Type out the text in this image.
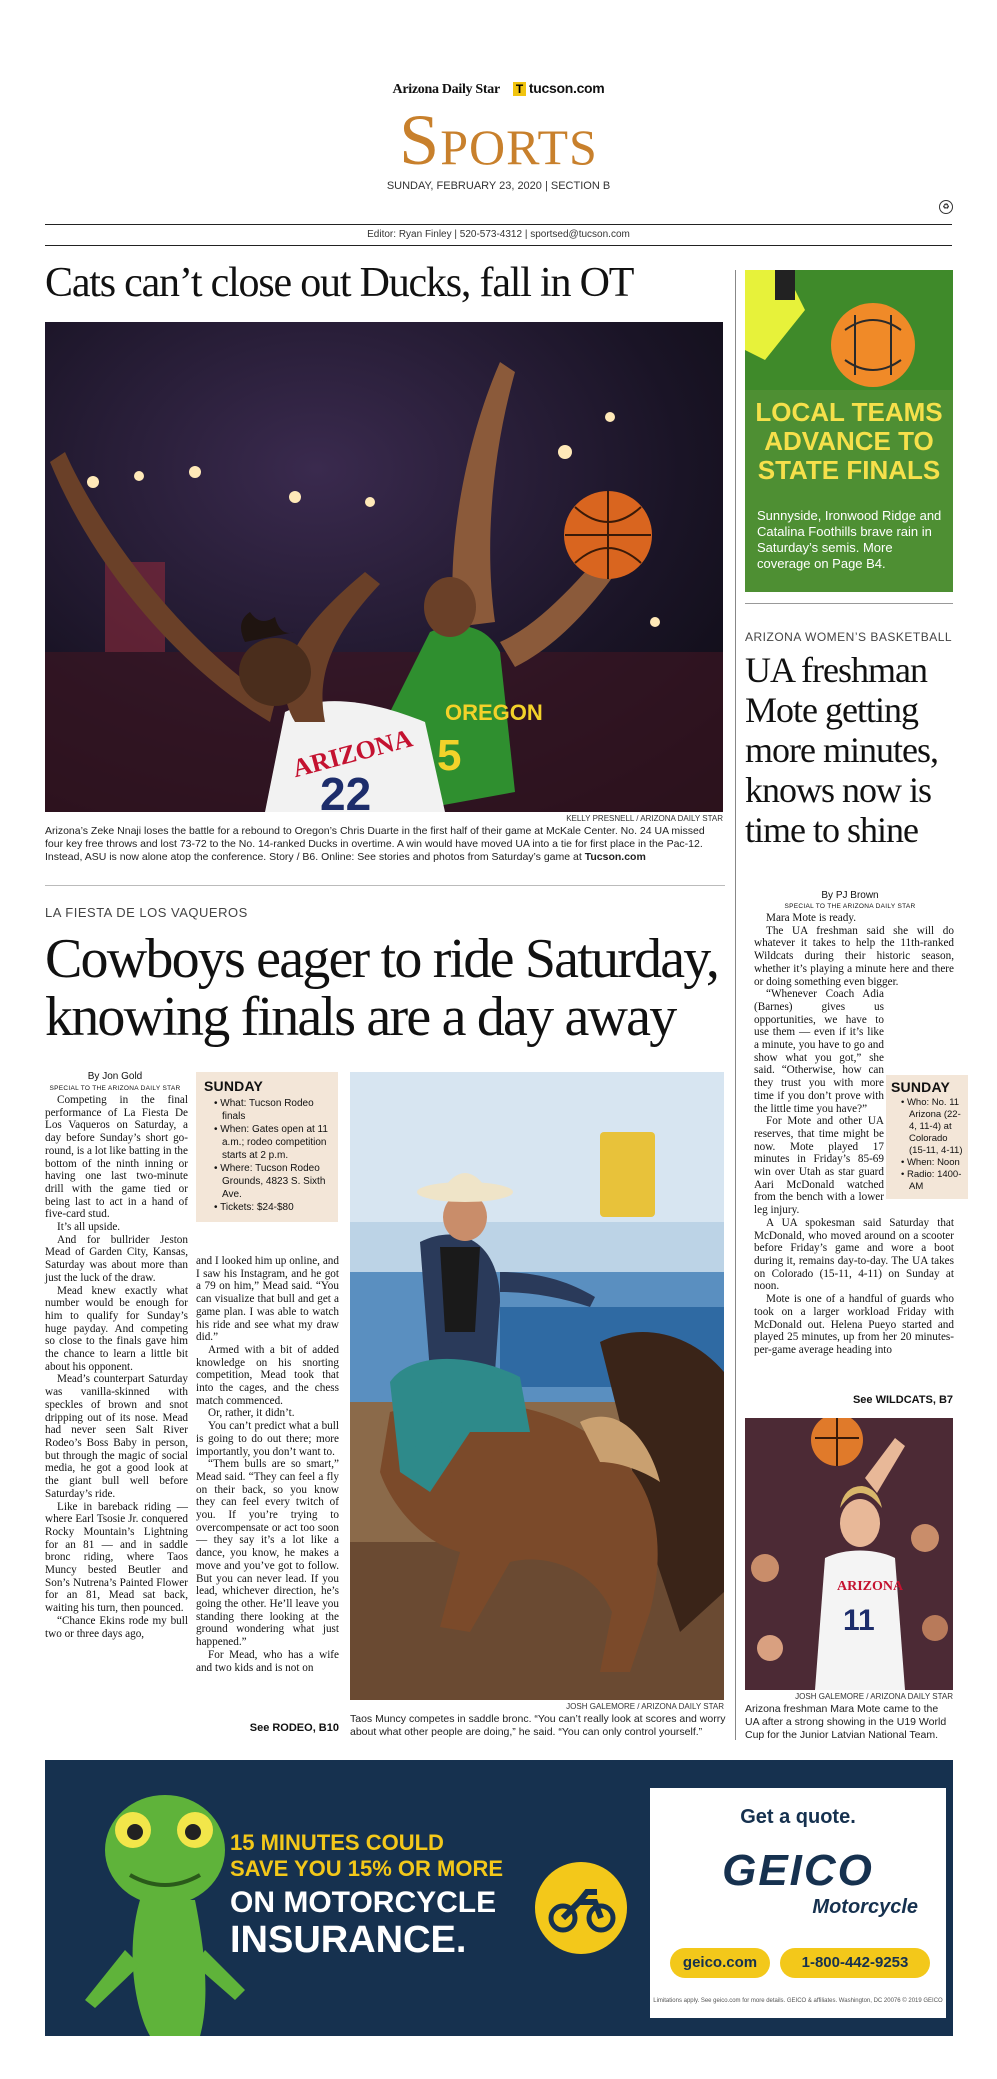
Arizona Daily Star T tucson.com
Sports
SUNDAY, FEBRUARY 23, 2020 | SECTION B
♻
Editor: Ryan Finley | 520-573-4312 | sportsed@tucson.com
Cats can’t close out Ducks, fall in OT
OREGON
5
ARIZONA
22	KELLY PRESNELL / ARIZONA DAILY STAR
Arizona’s Zeke Nnaji loses the battle for a rebound to Oregon’s Chris Duarte in the first half of their game at McKale Center. No. 24 UA missed four key free throws and lost 73-72 to the No. 14-ranked Ducks in overtime. A win would have moved UA into a tie for first place in the Pac-12. Instead, ASU is now alone atop the conference. Story / B6. Online: See stories and photos from Saturday’s game at Tucson.com
LA FIESTA DE LOS VAQUEROS
Cowboys eager to ride Saturday, knowing finals are a day away
By Jon Gold
SPECIAL TO THE ARIZONA DAILY STAR

Competing in the final performance of La Fiesta De Los Vaqueros on Saturday, a day before Sunday’s short go-round, is a lot like batting in the bottom of the ninth inning or having one last two-minute drill with the game tied or being last to act in a hand of five-card stud.

It’s all upside.

And for bullrider Jeston Mead of Garden City, Kansas, Saturday was about more than just the luck of the draw.

Mead knew exactly what number would be enough for him to qualify for Sunday’s huge payday. And competing so close to the finals gave him the chance to learn a little bit about his opponent.

Mead’s counterpart Saturday was vanilla-skinned with speckles of brown and snot dripping out of its nose. Mead had never seen Salt River Rodeo’s Boss Baby in person, but through the magic of social media, he got a good look at the giant bull well before Saturday’s ride.

Like in bareback riding — where Earl Tsosie Jr. conquered Rocky Mountain’s Lightning for an 81 — and in saddle bronc riding, where Taos Muncy bested Beutler and Son’s Nutrena’s Painted Flower for an 81, Mead sat back, waiting his turn, then pounced.

“Chance Ekins rode my bull two or three days ago,

SUNDAY
• What: Tucson Rodeo finals
• When: Gates open at 11 a.m.; rodeo competition starts at 2 p.m.
• Where: Tucson Rodeo Grounds, 4823 S. Sixth Ave.
• Tickets: $24-$80

and I looked him up online, and I saw his Instagram, and he got a 79 on him,” Mead said. “You can visualize that bull and get a game plan. I was able to watch his ride and see what my draw did.”

Armed with a bit of added knowledge on his snorting competition, Mead took that into the cages, and the chess match commenced.

Or, rather, it didn’t.

You can’t predict what a bull is going to do out there; more importantly, you don’t want to.

“Them bulls are so smart,” Mead said. “They can feel a fly on their back, so you know they can feel every twitch of you. If you’re trying to overcompensate or act too soon — they say it’s a lot like a dance, you know, he makes a move and you’ve got to follow. But you can never lead. If you lead, whichever direction, he’s going the other. He’ll leave you standing there looking at the ground wondering what just happened.”

For Mead, who has a wife and two kids and is not on

See RODEO, B10
JOSH GALEMORE / ARIZONA DAILY STAR
Taos Muncy competes in saddle bronc. “You can’t really look at scores and worry about what other people are doing,” he said. “You can only control yourself.”
LOCAL TEAMS ADVANCE TO STATE FINALS
Sunnyside, Ironwood Ridge and Catalina Foothills brave rain in Saturday’s semis. More coverage on Page B4.
ARIZONA WOMEN’S BASKETBALL
UA freshman Mote getting more minutes, knows now is time to shine
By PJ Brown
SPECIAL TO THE ARIZONA DAILY STAR

Mara Mote is ready.

The UA freshman said she will do whatever it takes to help the 11th-ranked Wildcats during their historic season, whether it’s playing a minute here and there or doing something even bigger.

“Whenever Coach Adia (Barnes) gives us opportunities, we have to use them — even if it’s like a minute, you have to go and show what you got,” she said. “Otherwise, how can they trust you with more time if you don’t prove with the little time you have?”

For Mote and other UA reserves, that time might be now. Mote played 17 minutes in Friday’s 85-69 win over Utah as star guard Aari McDonald watched from the bench with a lower leg injury.

A UA spokesman said Saturday that McDonald, who moved around on a scooter before Friday’s game and wore a boot during it, remains day-to-day. The UA takes on Colorado (15-11, 4-11) on Sunday at noon.

Mote is one of a handful of guards who took on a larger workload Friday with McDonald out. Helena Pueyo started and played 25 minutes, up from her 20 minutes-per-game average heading into

SUNDAY
• Who: No. 11 Arizona (22-4, 11-4) at Colorado (15-11, 4-11)
• When: Noon
• Radio: 1400-AM
See WILDCATS, B7
ARIZONA
11
JOSH GALEMORE / ARIZONA DAILY STAR
Arizona freshman Mara Mote came to the UA after a strong showing in the U19 World Cup for the Junior Latvian National Team.
15 MINUTES COULD
SAVE YOU 15% OR MORE
ON MOTORCYCLE
INSURANCE.
Get a quote.
GEICO
Motorcycle
geico.com	1-800-442-9253
Limitations apply. See geico.com for more details. GEICO & affiliates. Washington, DC 20076 © 2019 GEICO
